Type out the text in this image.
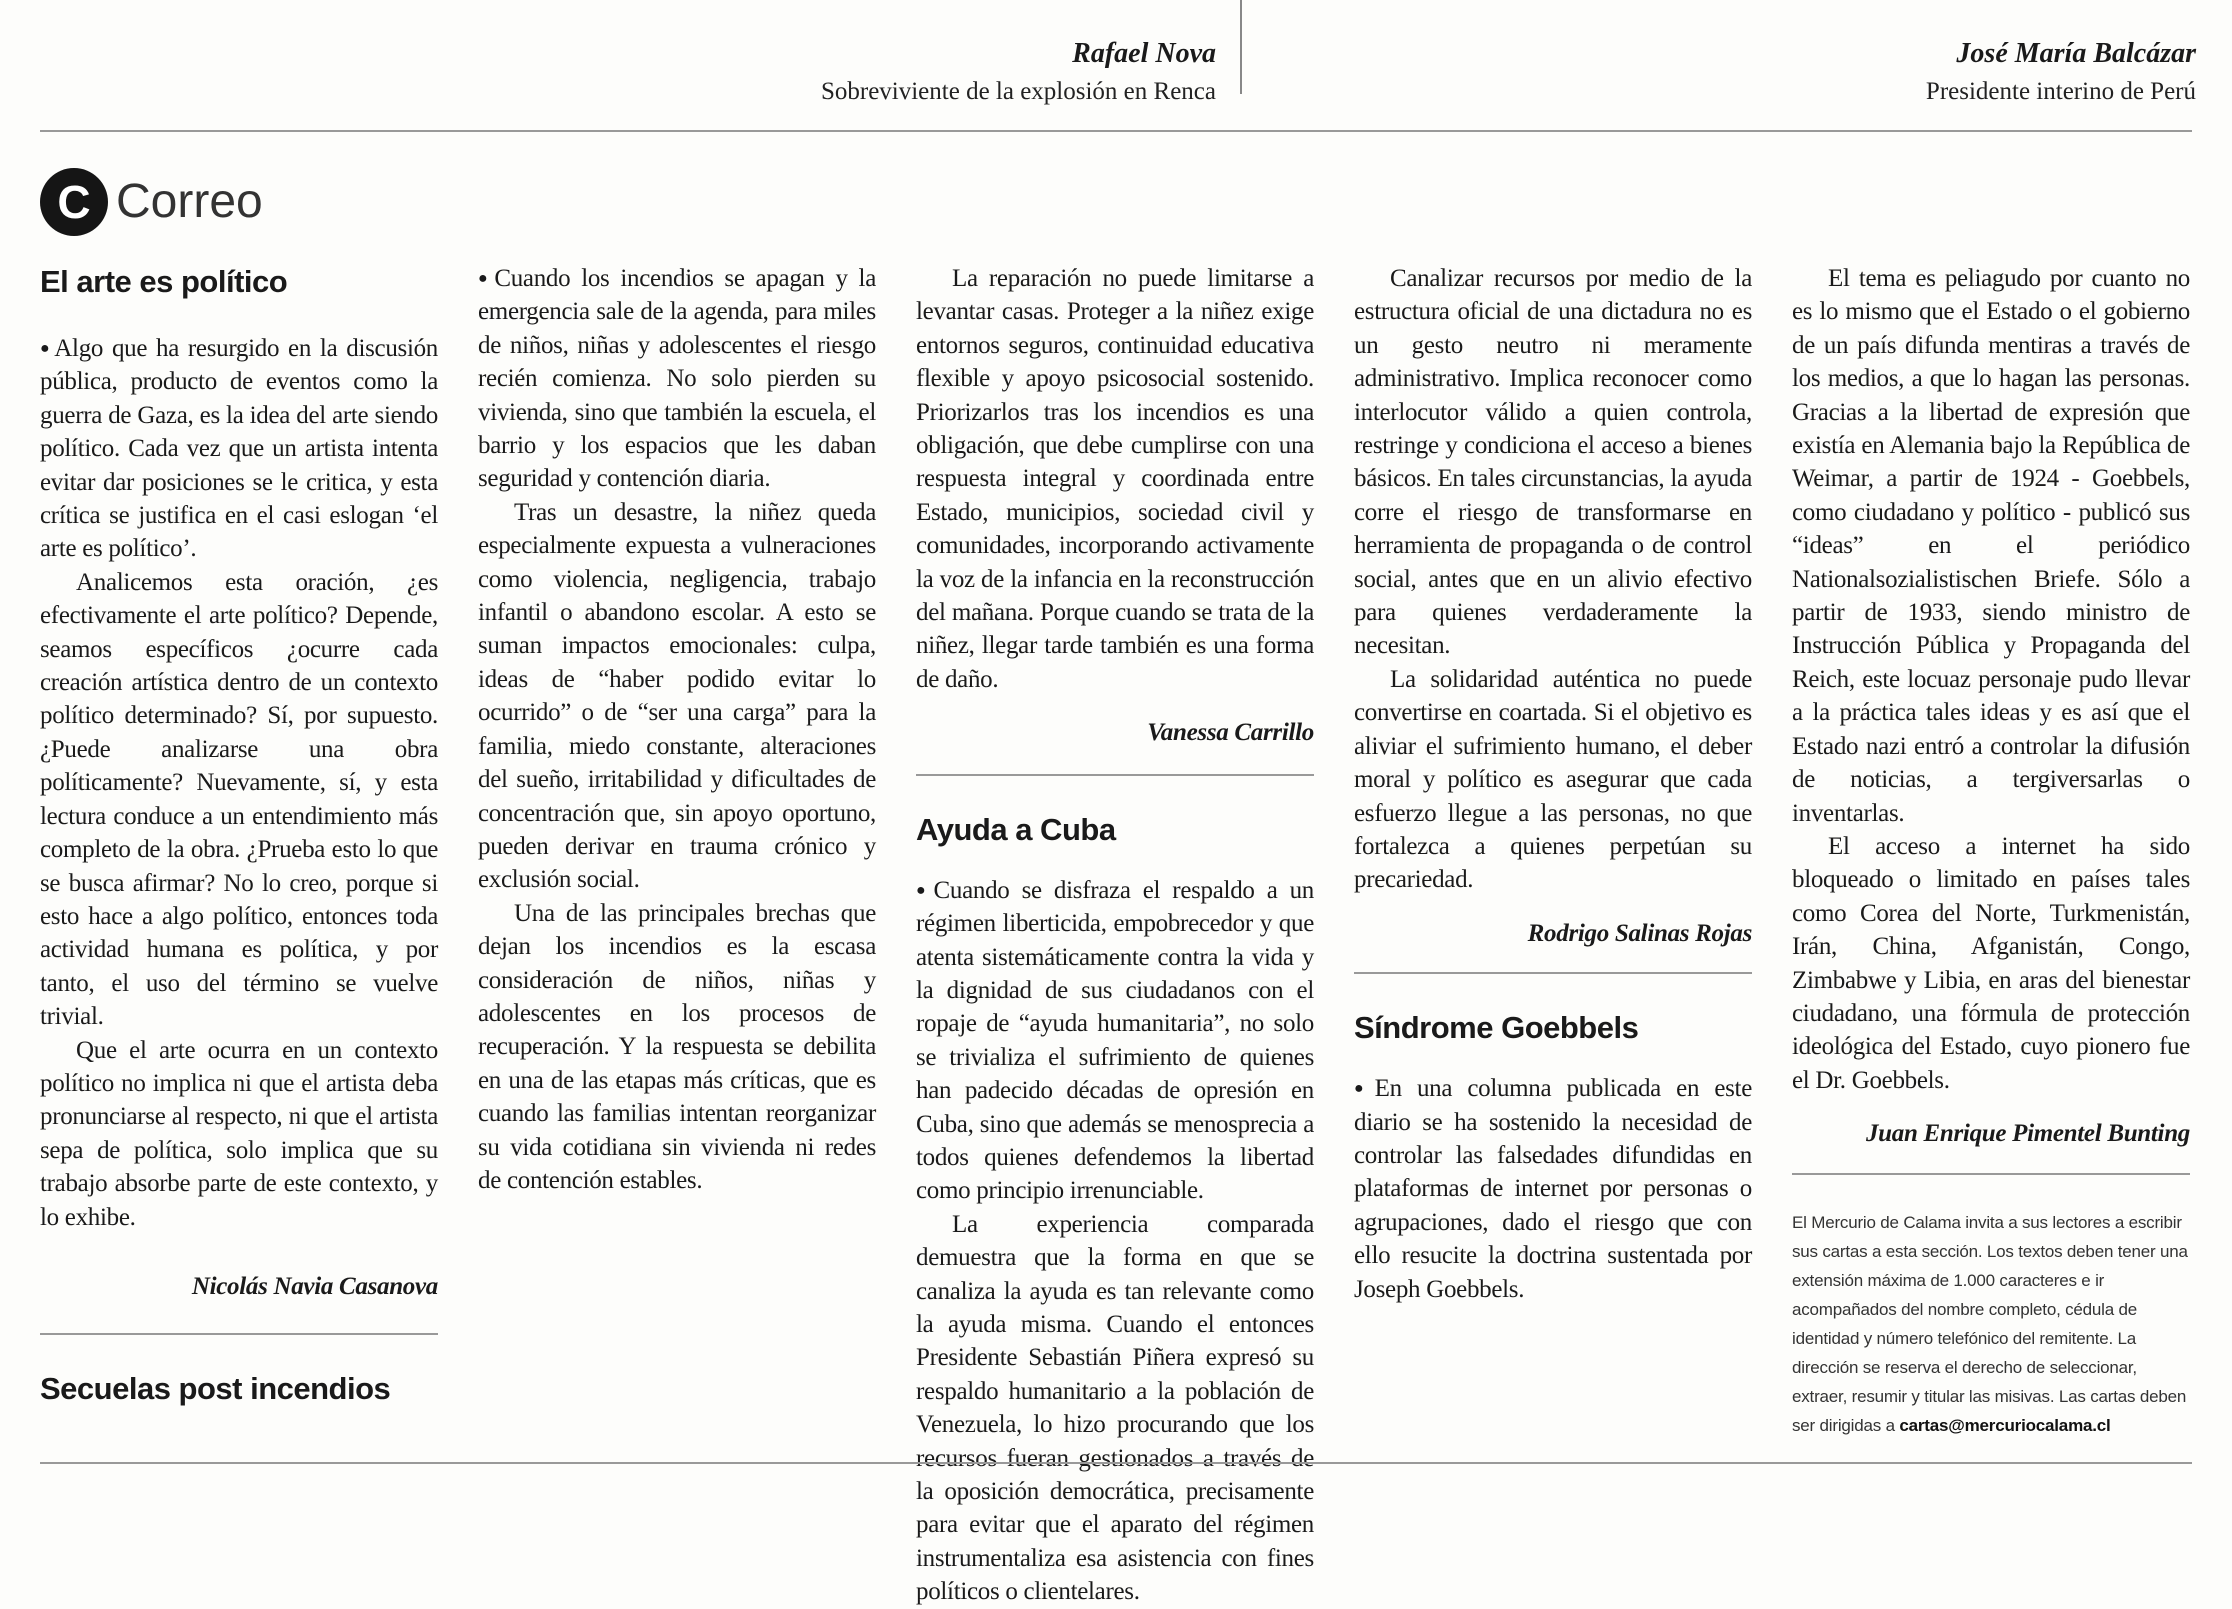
Rafael Nova
Sobreviviente de la explosión en Renca
José María Balcázar
Presidente interino de Perú
C Correo
El arte es político

● Algo que ha resurgido en la discusión pública, producto de eventos como la guerra de Gaza, es la idea del arte siendo político. Cada vez que un artista intenta evitar dar posiciones se le critica, y esta crítica se justifica en el casi eslogan ‘el arte es político’.

Analicemos esta oración, ¿es efectivamente el arte político? Depende, seamos específicos ¿ocurre cada creación artística dentro de un contexto político determinado? Sí, por supuesto. ¿Puede analizarse una obra políticamente? Nuevamente, sí, y esta lectura conduce a un entendimiento más completo de la obra. ¿Prueba esto lo que se busca afirmar? No lo creo, porque si esto hace a algo político, entonces toda actividad humana es política, y por tanto, el uso del término se vuelve trivial.

Que el arte ocurra en un contexto político no implica ni que el artista deba pronunciarse al respecto, ni que el artista sepa de política, solo implica que su trabajo absorbe parte de este contexto, y lo exhibe.

Nicolás Navia Casanova
Secuelas post incendios

● Cuando los incendios se apagan y la emergencia sale de la agenda, para miles de niños, niñas y adolescentes el riesgo recién comienza. No solo pierden su vivienda, sino que también la escuela, el barrio y los espacios que les daban seguridad y contención diaria.

Tras un desastre, la niñez queda especialmente expuesta a vulneraciones como violencia, negligencia, trabajo infantil o abandono escolar. A esto se suman impactos emocionales: culpa, ideas de “haber podido evitar lo ocurrido” o de “ser una carga” para la familia, miedo constante, alteraciones del sueño, irritabilidad y dificultades de concentración que, sin apoyo oportuno, pueden derivar en trauma crónico y exclusión social.

Una de las principales brechas que dejan los incendios es la escasa consideración de niños, niñas y adolescentes en los procesos de recuperación. Y la respuesta se debilita en una de las etapas más críticas, que es cuando las familias intentan reorganizar su vida cotidiana sin vivienda ni redes de contención estables.

La reparación no puede limitarse a levantar casas. Proteger a la niñez exige entornos seguros, continuidad educativa flexible y apoyo psicosocial sostenido. Priorizarlos tras los incendios es una obligación, que debe cumplirse con una respuesta integral y coordinada entre Estado, municipios, sociedad civil y comunidades, incorporando activamente la voz de la infancia en la reconstrucción del mañana. Porque cuando se trata de la niñez, llegar tarde también es una forma de daño.

Vanessa Carrillo
Ayuda a Cuba

● Cuando se disfraza el respaldo a un régimen liberticida, empobrecedor y que atenta sistemáticamente contra la vida y la dignidad de sus ciudadanos con el ropaje de “ayuda humanitaria”, no solo se trivializa el sufrimiento de quienes han padecido décadas de opresión en Cuba, sino que además se menosprecia a todos quienes defendemos la libertad como principio irrenunciable.

La experiencia comparada demuestra que la forma en que se canaliza la ayuda es tan relevante como la ayuda misma. Cuando el entonces Presidente Sebastián Piñera expresó su respaldo humanitario a la población de Venezuela, lo hizo procurando que los recursos fueran gestionados a través de la oposición democrática, precisamente para evitar que el aparato del régimen instrumentaliza esa asistencia con fines políticos o clientelares.

Canalizar recursos por medio de la estructura oficial de una dictadura no es un gesto neutro ni meramente administrativo. Implica reconocer como interlocutor válido a quien controla, restringe y condiciona el acceso a bienes básicos. En tales circunstancias, la ayuda corre el riesgo de transformarse en herramienta de propaganda o de control social, antes que en un alivio efectivo para quienes verdaderamente la necesitan.

La solidaridad auténtica no puede convertirse en coartada. Si el objetivo es aliviar el sufrimiento humano, el deber moral y político es asegurar que cada esfuerzo llegue a las personas, no que fortalezca a quienes perpetúan su precariedad.

Rodrigo Salinas Rojas
Síndrome Goebbels

● En una columna publicada en este diario se ha sostenido la necesidad de controlar las falsedades difundidas en plataformas de internet por personas o agrupaciones, dado el riesgo que con ello resucite la doctrina sustentada por Joseph Goebbels.

El tema es peliagudo por cuanto no es lo mismo que el Estado o el gobierno de un país difunda mentiras a través de los medios, a que lo hagan las personas. Gracias a la libertad de expresión que existía en Alemania bajo la República de Weimar, a partir de 1924 - Goebbels, como ciudadano y político - publicó sus “ideas” en el periódico Nationalsozialistischen Briefe. Sólo a partir de 1933, siendo ministro de Instrucción Pública y Propaganda del Reich, este locuaz personaje pudo llevar a la práctica tales ideas y es así que el Estado nazi entró a controlar la difusión de noticias, a tergiversarlas o inventarlas.

El acceso a internet ha sido bloqueado o limitado en países tales como Corea del Norte, Turkmenistán, Irán, China, Afganistán, Congo, Zimbabwe y Libia, en aras del bienestar ciudadano, una fórmula de protección ideológica del Estado, cuyo pionero fue el Dr. Goebbels.

Juan Enrique Pimentel Bunting
El Mercurio de Calama invita a sus lectores a escribir sus cartas a esta sección. Los textos deben tener una extensión máxima de 1.000 caracteres e ir acompañados del nombre completo, cédula de identidad y número telefónico del remitente. La dirección se reserva el derecho de seleccionar, extraer, resumir y titular las misivas. Las cartas deben ser dirigidas a cartas@mercuriocalama.cl
